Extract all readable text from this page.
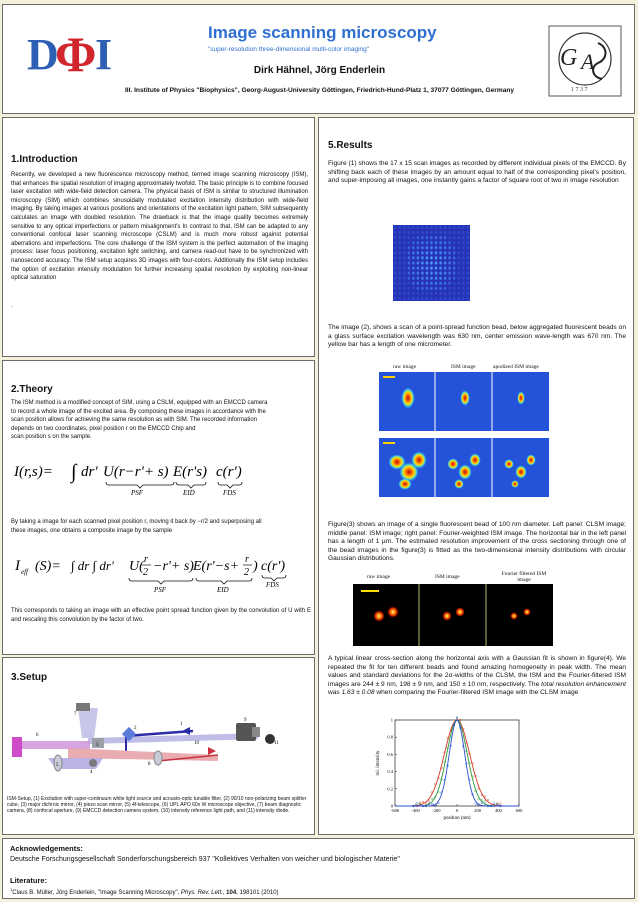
D
Φ
I	Image scanning microscopy
"super-resolution three-dimensional multi-color imaging"
Dirk Hähnel, Jörg Enderlein
III. Institute of Physics "Biophysics", Georg-August-University Göttingen, Friedrich-Hund-Platz 1, 37077 Göttingen, Germany
G A
1 7 3 7
1.Introduction
Recently, we developed a new fluorescence microscopy method, termed image scanning microscopy (ISM), that enhances the spatial resolution of imaging approximately twofold. The basic principle is to combine focused laser excitation with wide-field detection camera. The physical basis of ISM is similar to structured illumination microscopy (SIM) which combines sinusoidally modulated excitation intensity distribution with wide-field imaging. By taking images at various positions and orientations of the excitation light pattern, SIM subsequently calculates an image with doubled resolution. The drawback is that the image quality becomes extremely sensitive to any optical imperfections or pattern misalignment's In contrast to that, ISM can be adapted to any conventional confocal laser scanning microscope (CSLM) and is much more robust against potential aberrations and imperfections. The core challenge of the ISM system is the perfect automation of the imaging process: laser focus positioning, excitation light switching, and camera read-out have to be synchronized with nanosecond accuracy. The ISM setup acquires 3D images with four-colors. Additionally the ISM setup includes the option of excitation intensity modulation for further increasing spatial resolution by exploiting non-linear optical saturation
.
2.Theory
The ISM method is a modified concept of SIM, using a CSLM, equipped with an EMCCD camera
to record a whole image of the excited area. By composing these images in accordance with the
scan position allows for achieving the same resolution as with SIM. The recorded information
depends on two coordinates, pixel position r on the EMCCD Chip and
scan position s on the sample.
I(r,s)= ∫ dr' U(r−r'+ s) E(r's) c(r')
PSF	EID	FDS
By taking a image for each scanned pixel position r, moving it back by −r/2 and superposing all
these images, one obtains a composite image by the sample
I eff (S)= ∫ dr ∫ dr' U( r
2 −r'+ s) E(r'−s+ r
2 ) c(r')
PSF	EID
FDS
This corresponds to taking an image with an effective point spread function given by the convolution of U with E and rescaling this convolution by the factor of two.
3.Setup
1
2
3
4
5
6
7
8
9
10	11
ISM-Setup, (1) Excitation with super-continuum white light source and acousto-optic tunable filter, (2) 90/10 non-polarizing beam splitter cube, (3) major dichroic mirror, (4) piezo scan mirror, (5) 4f-telescope, (6) UPL APO 60x W microscope objective, (7) beam diagnostic camera, (8) confocal aperture, (9) EMCCD detection camera system, (10) intensity reference light path, and (11) intensity diode.
5.Results
Figure (1) shows the 17 x 15 scan images as recorded by different individual pixels of the EMCCD. By shifting back each of these images by an amount equal to half of the corresponding pixel's position, and super-imposing all images, one instantly gains a factor of square root of two in image resolution
The image (2), shows a scan of a point-spread function bead, below aggregated fluorescent beads on a glass surface excitation wavelength was 630 nm, center emission wave-length was 670 nm. The yellow bar has a length of one micrometer.
raw image	ISM image	apodized ISM image
Figure(3) shows an image of a single fluorescent bead of 100 nm diameter. Left panel: CLSM image; middle panel: ISM image; right panel: Fourier-weighted ISM image. The horizontal bar in the left panel has a length of 1 µm. The estimated resolution improvement of the cross sectioning through one of the bead images in the figure(3) is fitted as the two-dimensional intensity distributions with circular Gaussian distributions.
raw image	ISM image	Fourier filtered ISM image
A typical linear cross-section along the horizontal axis with a Gaussian fit is shown in figure(4). We repeated the fit for ten different beads and found amazing homogeneity in peak width. The mean values and standard deviations for the 2σ-widths of the CLSM, the ISM and the Fourier-filtered ISM images are 244 ± 9 nm, 198 ± 9 nm, and 150 ± 10 nm, respectively. The total resolution enhancement was 1.63 ± 0.08 when comparing the Fourier-filtered ISM image with the CLSM image
-600	-400	-200	0	200	400	600
0
0.2
0.4
0.6
0.8
1
position (nm)
rel. intensity
Acknowledgements:
Deutsche Forschungsgesellschaft Sonderforschungsbereich 937 "Kollektives Verhalten von weicher und biologischer Materie"
Literature:
$^1$Claus B. Müller, Jörg Enderlein, "Image Scanning Microscopy", Phys. Rev. Lett., 104, 198101 (2010)
